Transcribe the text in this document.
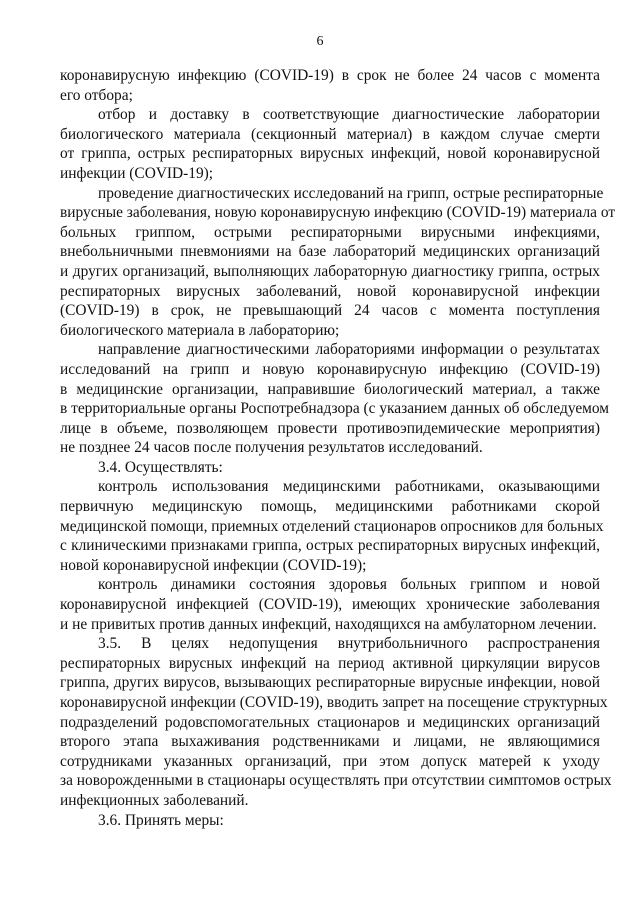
6
коронавирусную инфекцию (COVID-19) в срок не более 24 часов с момента
его отбора;
отбор и доставку в соответствующие диагностические лаборатории
биологического материала (секционный материал) в каждом случае смерти
от гриппа, острых респираторных вирусных инфекций, новой коронавирусной
инфекции (COVID-19);
проведение диагностических исследований на грипп, острые респираторные
вирусные заболевания, новую коронавирусную инфекцию (COVID-19) материала от
больных гриппом, острыми респираторными вирусными инфекциями,
внебольничными пневмониями на базе лабораторий медицинских организаций
и других организаций, выполняющих лабораторную диагностику гриппа, острых
респираторных вирусных заболеваний, новой коронавирусной инфекции
(COVID-19) в срок, не превышающий 24 часов с момента поступления
биологического материала в лабораторию;
направление диагностическими лабораториями информации о результатах
исследований на грипп и новую коронавирусную инфекцию (COVID-19)
в медицинские организации, направившие биологический материал, а также
в территориальные органы Роспотребнадзора (с указанием данных об обследуемом
лице в объеме, позволяющем провести противоэпидемические мероприятия)
не позднее 24 часов после получения результатов исследований.
3.4. Осуществлять:
контроль использования медицинскими работниками, оказывающими
первичную медицинскую помощь, медицинскими работниками скорой
медицинской помощи, приемных отделений стационаров опросников для больных
с клиническими признаками гриппа, острых респираторных вирусных инфекций,
новой коронавирусной инфекции (COVID-19);
контроль динамики состояния здоровья больных гриппом и новой
коронавирусной инфекцией (COVID-19), имеющих хронические заболевания
и не привитых против данных инфекций, находящихся на амбулаторном лечении.
3.5. В целях недопущения внутрибольничного распространения
респираторных вирусных инфекций на период активной циркуляции вирусов
гриппа, других вирусов, вызывающих респираторные вирусные инфекции, новой
коронавирусной инфекции (COVID-19), вводить запрет на посещение структурных
подразделений родовспомогательных стационаров и медицинских организаций
второго этапа выхаживания родственниками и лицами, не являющимися
сотрудниками указанных организаций, при этом допуск матерей к уходу
за новорожденными в стационары осуществлять при отсутствии симптомов острых
инфекционных заболеваний.
3.6. Принять меры:
